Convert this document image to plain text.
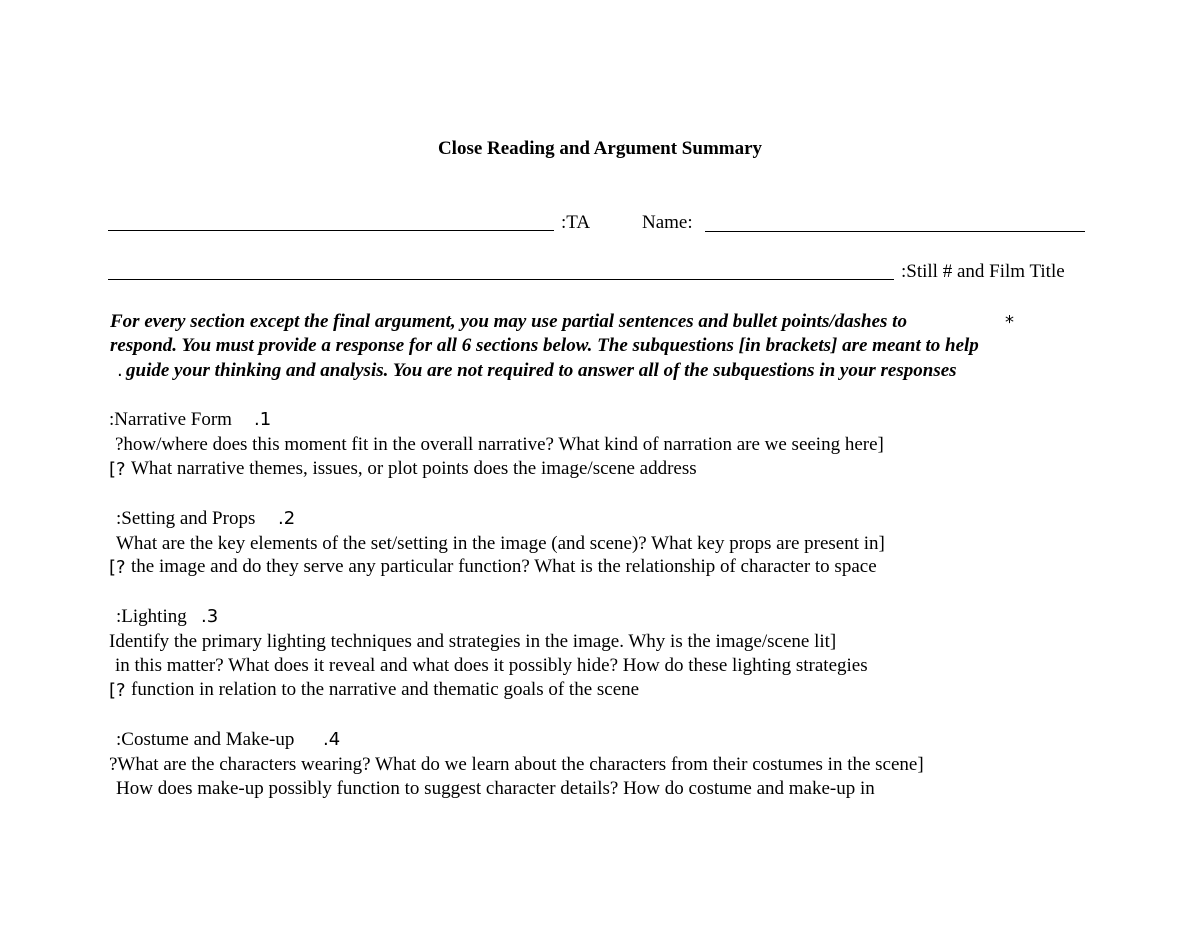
Close Reading and Argument Summary
:TA	Name:
:Still # and Film Title
For every section except the final argument, you may use partial sentences and bullet points/dashes to	*
respond. You must provide a response for all 6 sections below. The subquestions [in brackets] are meant to help
. guide your thinking and analysis. You are not required to answer all of the subquestions in your responses
:Narrative Form .1
?how/where does this moment fit in the overall narrative? What kind of narration are we seeing here]
[? What narrative themes, issues, or plot points does the image/scene address
:Setting and Props .2
What are the key elements of the set/setting in the image (and scene)? What key props are present in]
[? the image and do they serve any particular function? What is the relationship of character to space
:Lighting .3
Identify the primary lighting techniques and strategies in the image. Why is the image/scene lit]
in this matter? What does it reveal and what does it possibly hide? How do these lighting strategies
[? function in relation to the narrative and thematic goals of the scene
:Costume and Make-up .4
?What are the characters wearing? What do we learn about the characters from their costumes in the scene]
How does make-up possibly function to suggest character details? How do costume and make-up in
